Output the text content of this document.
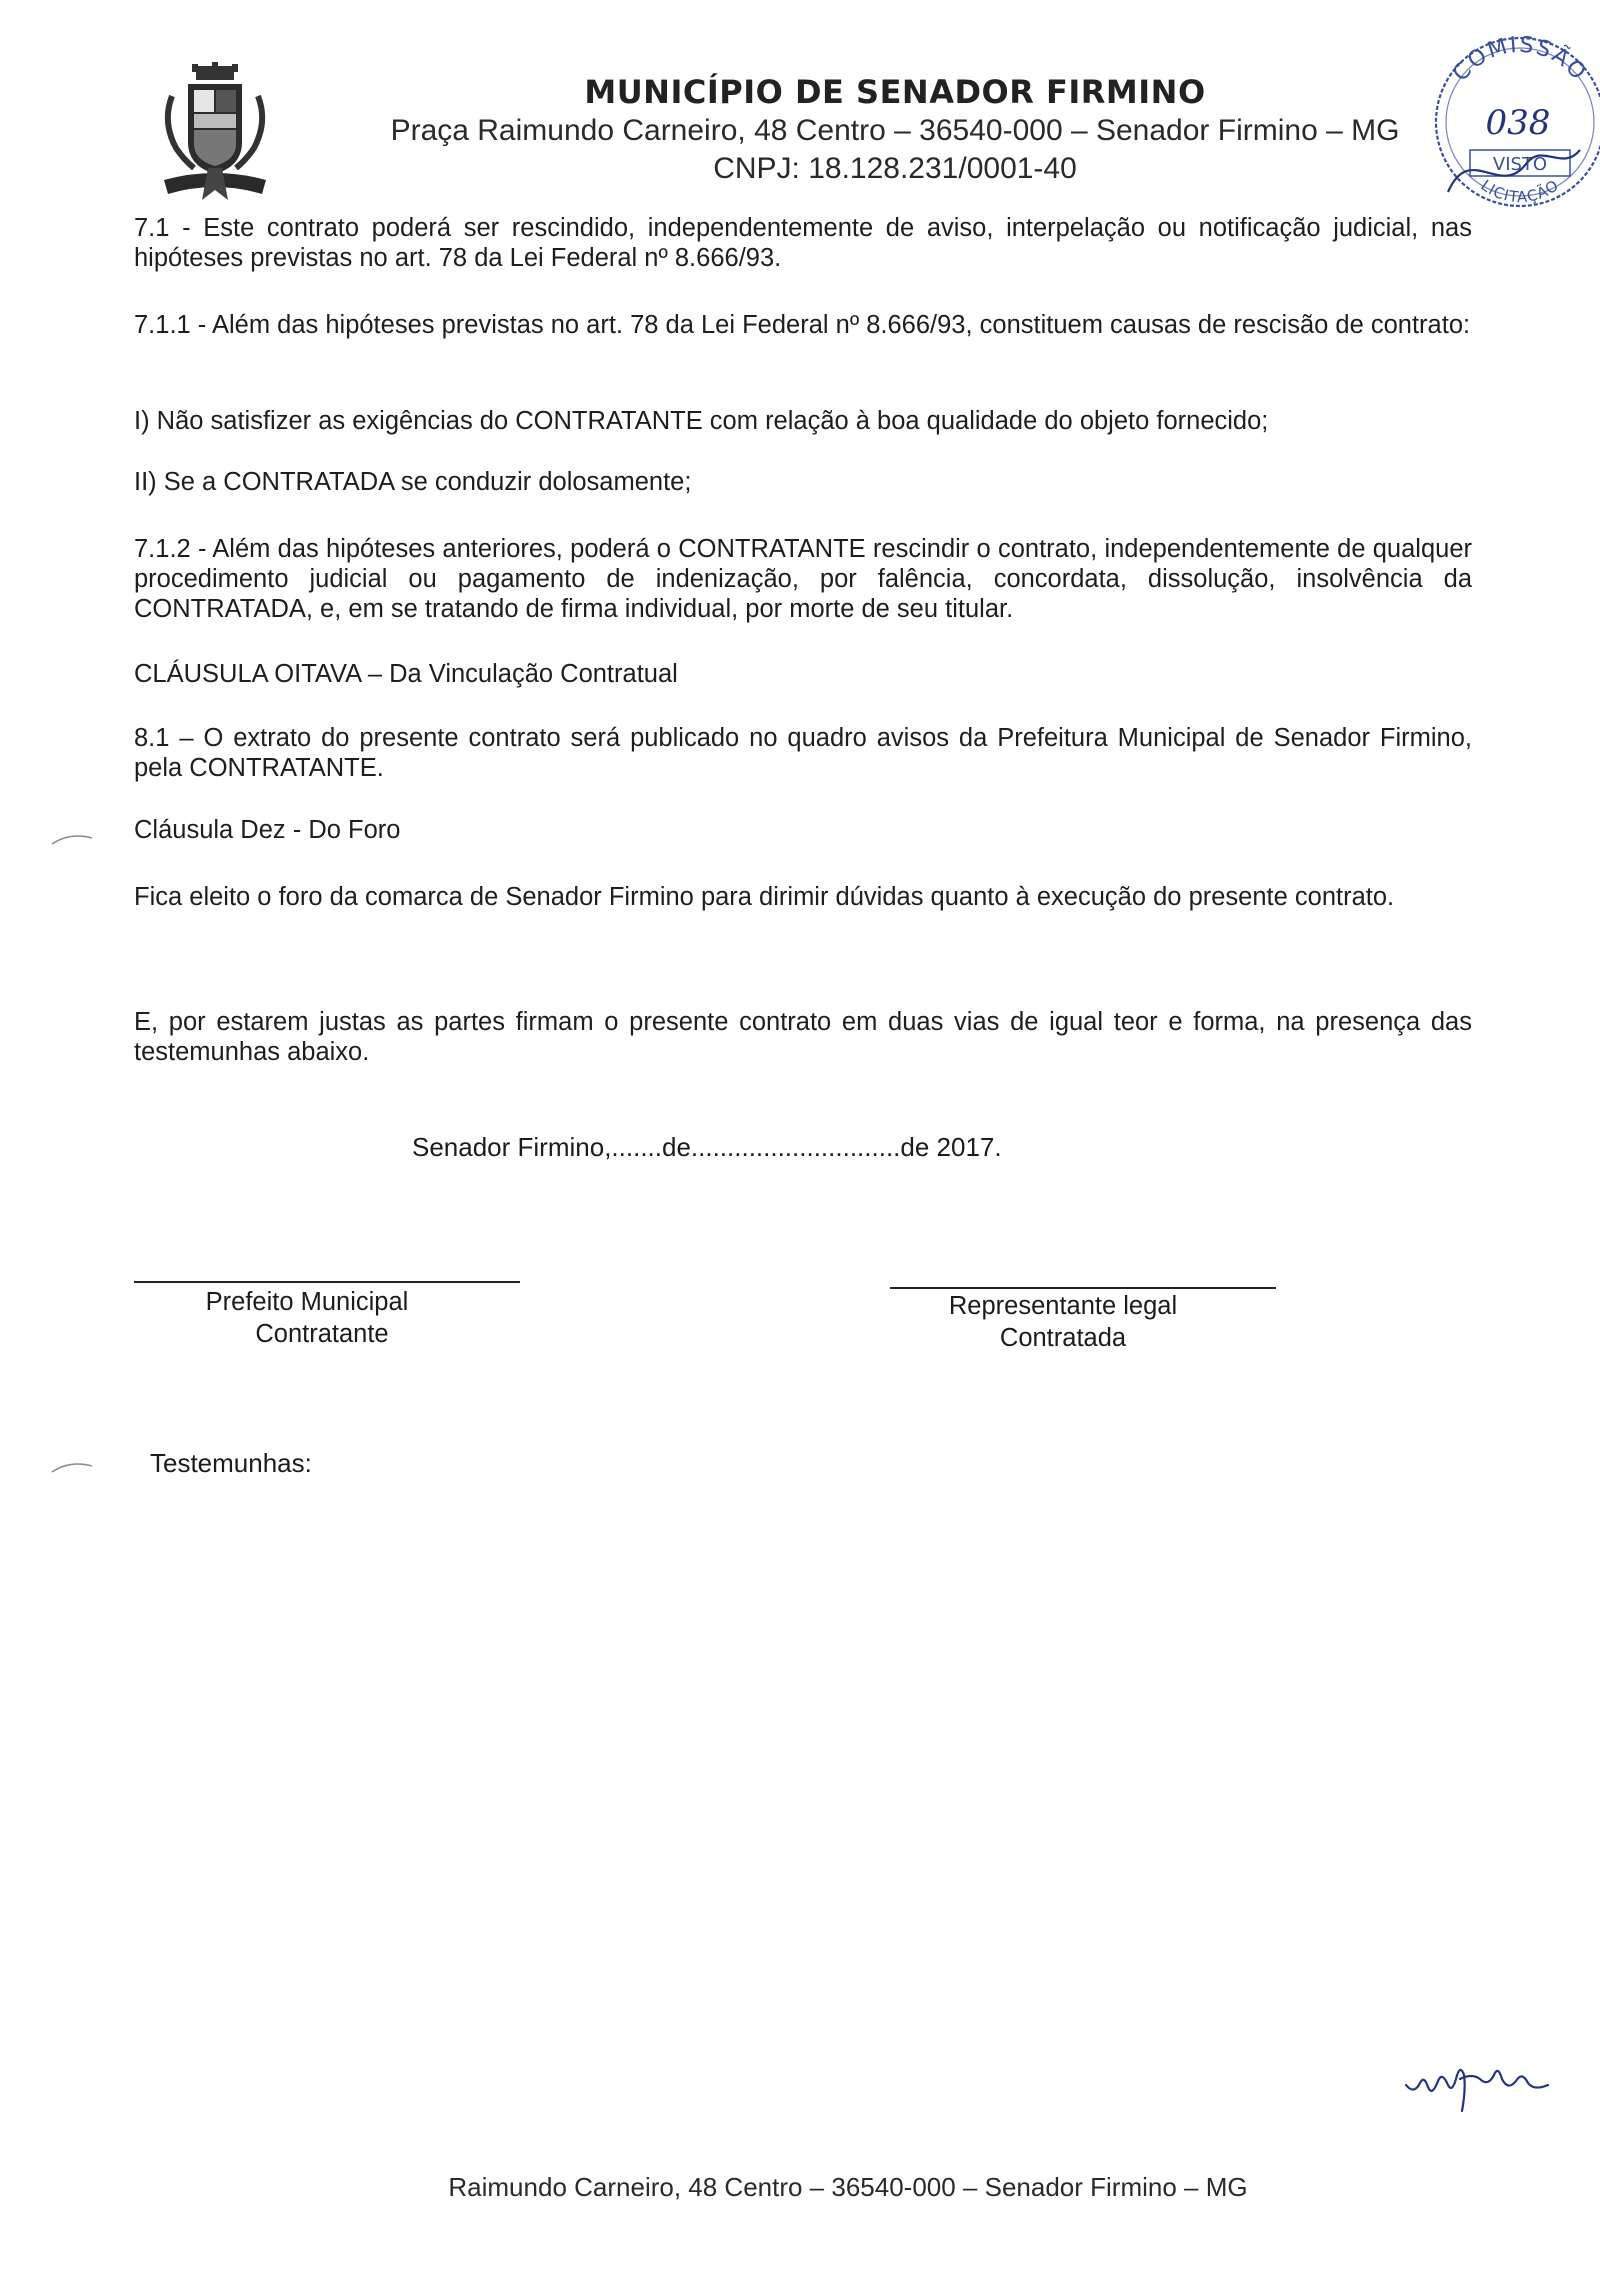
MUNICÍPIO DE SENADOR FIRMINO
Praça Raimundo Carneiro, 48 Centro – 36540-000 – Senador Firmino – MG
CNPJ: 18.128.231/0001-40
COMISSÃO
038
VISTO
LICITAÇÃO
7.1 - Este contrato poderá ser rescindido, independentemente de aviso, interpelação ou notificação judicial, nas hipóteses previstas no art. 78 da Lei Federal nº 8.666/93.
7.1.1 - Além das hipóteses previstas no art. 78 da Lei Federal nº 8.666/93, constituem causas de rescisão de contrato:
I) Não satisfizer as exigências do CONTRATANTE com relação à boa qualidade do objeto fornecido;
II) Se a CONTRATADA se conduzir dolosamente;
7.1.2 - Além das hipóteses anteriores, poderá o CONTRATANTE rescindir o contrato, independentemente de qualquer procedimento judicial ou pagamento de indenização, por falência, concordata, dissolução, insolvência da CONTRATADA, e, em se tratando de firma individual, por morte de seu titular.
CLÁUSULA OITAVA – Da Vinculação Contratual
8.1 – O extrato do presente contrato será publicado no quadro avisos da Prefeitura Municipal de Senador Firmino, pela CONTRATANTE.
Cláusula Dez - Do Foro
Fica eleito o foro da comarca de Senador Firmino para dirimir dúvidas quanto à execução do presente contrato.
E, por estarem justas as partes firmam o presente contrato em duas vias de igual teor e forma, na presença das testemunhas abaixo.
Senador Firmino,.......de.............................de 2017.
Prefeito Municipal
Contratante
Representante legal
Contratada
Testemunhas:
Raimundo Carneiro, 48 Centro – 36540-000 – Senador Firmino – MG
